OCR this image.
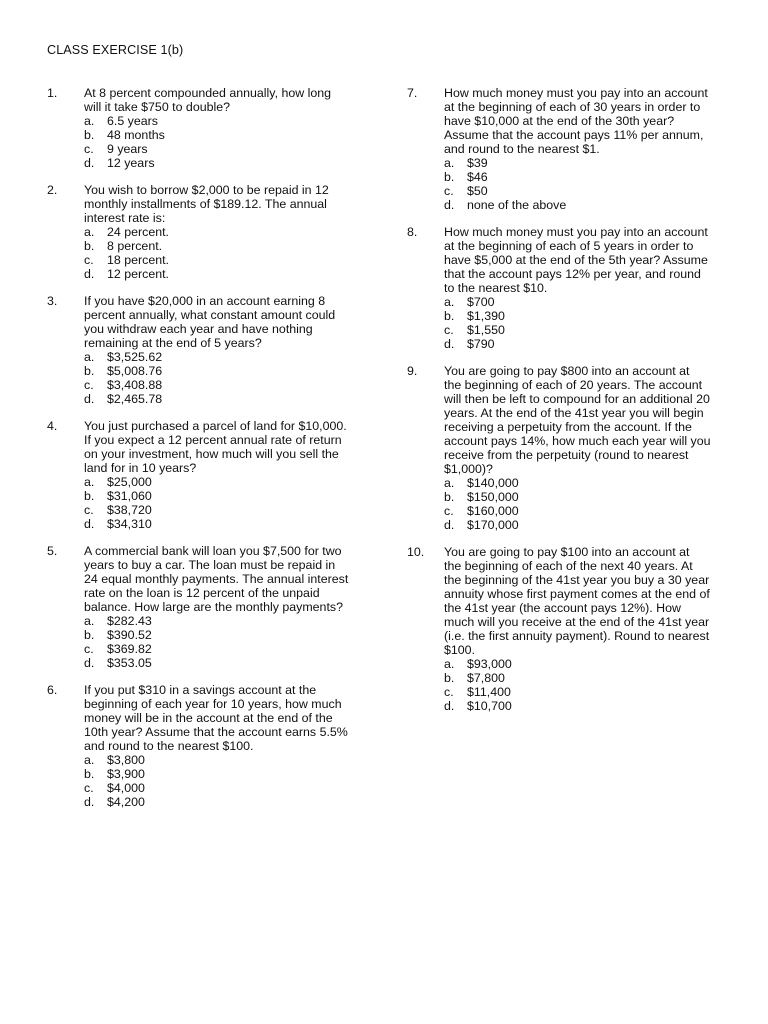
CLASS EXERCISE 1(b)
1. At 8 percent compounded annually, how long
will it take $750 to double?
a.	6.5 years
b.	48 months
c.	9 years
d.	12 years
2. You wish to borrow $2,000 to be repaid in 12
monthly installments of $189.12. The annual
interest rate is:
a.	24 percent.
b.	8 percent.
c.	18 percent.
d.	12 percent.
3. If you have $20,000 in an account earning 8
percent annually, what constant amount could
you withdraw each year and have nothing
remaining at the end of 5 years?
a.	$3,525.62
b.	$5,008.76
c.	$3,408.88
d.	$2,465.78
4. You just purchased a parcel of land for $10,000.
If you expect a 12 percent annual rate of return
on your investment, how much will you sell the
land for in 10 years?
a.	$25,000
b.	$31,060
c.	$38,720
d.	$34,310
5. A commercial bank will loan you $7,500 for two
years to buy a car. The loan must be repaid in
24 equal monthly payments. The annual interest
rate on the loan is 12 percent of the unpaid
balance. How large are the monthly payments?
a.	$282.43
b.	$390.52
c.	$369.82
d.	$353.05
6. If you put $310 in a savings account at the
beginning of each year for 10 years, how much
money will be in the account at the end of the
10th year? Assume that the account earns 5.5%
and round to the nearest $100.
a.	$3,800
b.	$3,900
c.	$4,000
d.	$4,200
7. How much money must you pay into an account
at the beginning of each of 30 years in order to
have $10,000 at the end of the 30th year?
Assume that the account pays 11% per annum,
and round to the nearest $1.
a.	$39
b.	$46
c.	$50
d.	none of the above
8. How much money must you pay into an account
at the beginning of each of 5 years in order to
have $5,000 at the end of the 5th year? Assume
that the account pays 12% per year, and round
to the nearest $10.
a.	$700
b.	$1,390
c.	$1,550
d.	$790
9. You are going to pay $800 into an account at
the beginning of each of 20 years. The account
will then be left to compound for an additional 20
years. At the end of the 41st year you will begin
receiving a perpetuity from the account. If the
account pays 14%, how much each year will you
receive from the perpetuity (round to nearest
$1,000)?
a.	$140,000
b.	$150,000
c.	$160,000
d.	$170,000
10. You are going to pay $100 into an account at
the beginning of each of the next 40 years. At
the beginning of the 41st year you buy a 30 year
annuity whose first payment comes at the end of
the 41st year (the account pays 12%). How
much will you receive at the end of the 41st year
(i.e. the first annuity payment). Round to nearest
$100.
a.	$93,000
b.	$7,800
c.	$11,400
d.	$10,700
